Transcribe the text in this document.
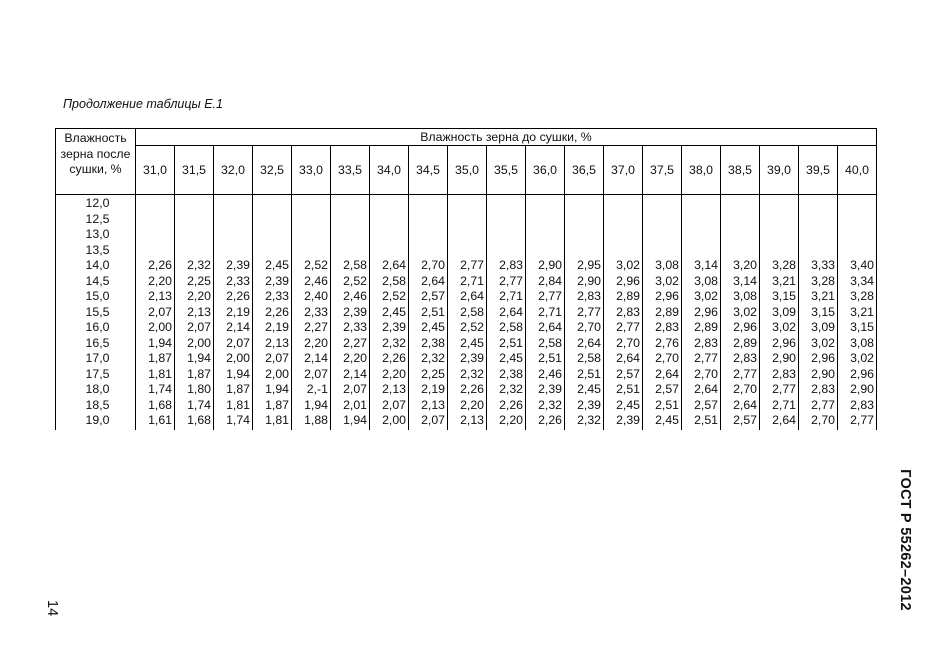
Продолжение таблицы Е.1
Влажность зерна после сушки, %	Влажность зерна до сушки, %																		
	31,0	31,5	32,0	32,5	33,0	33,5	34,0	34,5	35,0	35,5	36,0	36,5	37,0	37,5	38,0	38,5	39,0	39,5	40,0
12,0																			
12,5																			
13,0																			
13,5																			
14,0	2,26	2,32	2,39	2,45	2,52	2,58	2,64	2,70	2,77	2,83	2,90	2,95	3,02	3,08	3,14	3,20	3,28	3,33	3,40
14,5	2,20	2,25	2,33	2,39	2,46	2,52	2,58	2,64	2,71	2,77	2,84	2,90	2,96	3,02	3,08	3,14	3,21	3,28	3,34
15,0	2,13	2,20	2,26	2,33	2,40	2,46	2,52	2,57	2,64	2,71	2,77	2,83	2,89	2,96	3,02	3,08	3,15	3,21	3,28
15,5	2,07	2,13	2,19	2,26	2,33	2,39	2,45	2,51	2,58	2,64	2,71	2,77	2,83	2,89	2,96	3,02	3,09	3,15	3,21
16,0	2,00	2,07	2,14	2,19	2,27	2,33	2,39	2,45	2,52	2,58	2,64	2,70	2,77	2,83	2,89	2,96	3,02	3,09	3,15
16,5	1,94	2,00	2,07	2,13	2,20	2,27	2,32	2,38	2,45	2,51	2,58	2,64	2,70	2,76	2,83	2,89	2,96	3,02	3,08
17,0	1,87	1,94	2,00	2,07	2,14	2,20	2,26	2,32	2,39	2,45	2,51	2,58	2,64	2,70	2,77	2,83	2,90	2,96	3,02
17,5	1,81	1,87	1,94	2,00	2,07	2,14	2,20	2,25	2,32	2,38	2,46	2,51	2,57	2,64	2,70	2,77	2,83	2,90	2,96
18,0	1,74	1,80	1,87	1,94	2,-1	2,07	2,13	2,19	2,26	2,32	2,39	2,45	2,51	2,57	2,64	2,70	2,77	2,83	2,90
18,5	1,68	1,74	1,81	1,87	1,94	2,01	2,07	2,13	2,20	2,26	2,32	2,39	2,45	2,51	2,57	2,64	2,71	2,77	2,83
19,0	1,61	1,68	1,74	1,81	1,88	1,94	2,00	2,07	2,13	2,20	2,26	2,32	2,39	2,45	2,51	2,57	2,64	2,70	2,77
14	ГОСТ Р 55262–2012
